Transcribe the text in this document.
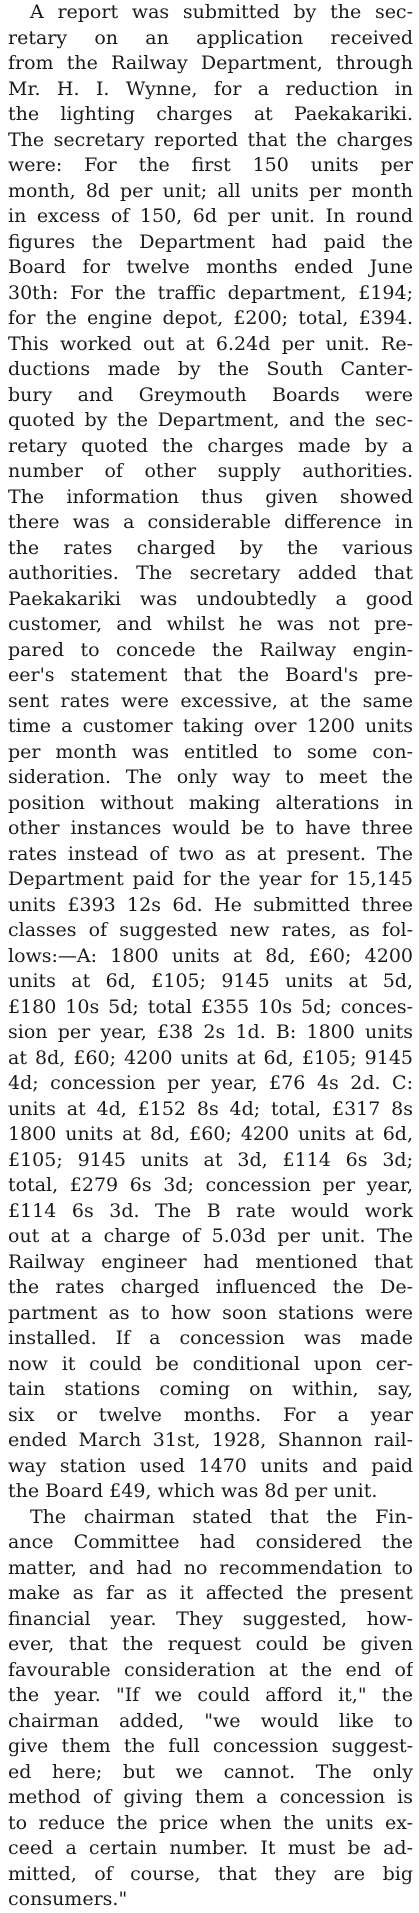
A report was submitted by the sec-
retary on an application received
from the Railway Department, through
Mr. H. I. Wynne, for a reduction in
the lighting charges at Paekakariki.
The secretary reported that the charges
were: For the first 150 units per
month, 8d per unit; all units per month
in excess of 150, 6d per unit. In round
figures the Department had paid the
Board for twelve months ended June
30th: For the traffic department, £194;
for the engine depot, £200; total, £394.
This worked out at 6.24d per unit. Re-
ductions made by the South Canter-
bury and Greymouth Boards were
quoted by the Department, and the sec-
retary quoted the charges made by a
number of other supply authorities.
The information thus given showed
there was a considerable difference in
the rates charged by the various
authorities. The secretary added that
Paekakariki was undoubtedly a good
customer, and whilst he was not pre-
pared to concede the Railway engin-
eer's statement that the Board's pre-
sent rates were excessive, at the same
time a customer taking over 1200 units
per month was entitled to some con-
sideration. The only way to meet the
position without making alterations in
other instances would be to have three
rates instead of two as at present. The
Department paid for the year for 15,145
units £393 12s 6d. He submitted three
classes of suggested new rates, as fol-
lows:—A: 1800 units at 8d, £60; 4200
units at 6d, £105; 9145 units at 5d,
£180 10s 5d; total £355 10s 5d; conces-
sion per year, £38 2s 1d. B: 1800 units
at 8d, £60; 4200 units at 6d, £105; 9145
4d; concession per year, £76 4s 2d. C:
units at 4d, £152 8s 4d; total, £317 8s
1800 units at 8d, £60; 4200 units at 6d,
£105; 9145 units at 3d, £114 6s 3d;
total, £279 6s 3d; concession per year,
£114 6s 3d. The B rate would work
out at a charge of 5.03d per unit. The
Railway engineer had mentioned that
the rates charged influenced the De-
partment as to how soon stations were
installed. If a concession was made
now it could be conditional upon cer-
tain stations coming on within, say,
six or twelve months. For a year
ended March 31st, 1928, Shannon rail-
way station used 1470 units and paid
the Board £49, which was 8d per unit.
The chairman stated that the Fin-
ance Committee had considered the
matter, and had no recommendation to
make as far as it affected the present
financial year. They suggested, how-
ever, that the request could be given
favourable consideration at the end of
the year. "If we could afford it," the
chairman added, "we would like to
give them the full concession suggest-
ed here; but we cannot. The only
method of giving them a concession is
to reduce the price when the units ex-
ceed a certain number. It must be ad-
mitted, of course, that they are big
consumers."
